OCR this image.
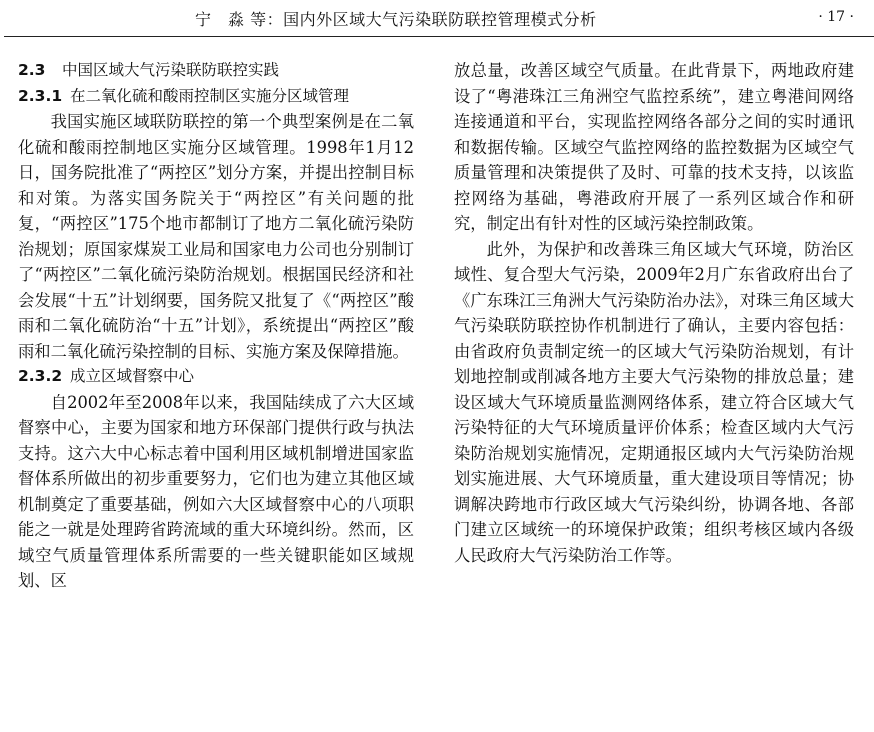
宁　淼 等：国内外区域大气污染联防联控管理模式分析	· 17 ·
2.3 中国区域大气污染联防联控实践
2.3.1 在二氧化硫和酸雨控制区实施分区域管理

我国实施区域联防联控的第一个典型案例是在二氧化硫和酸雨控制地区实施分区域管理。1998年1月12日，国务院批准了“两控区”划分方案，并提出控制目标和对策。为落实国务院关于“两控区”有关问题的批复，“两控区”175个地市都制订了地方二氧化硫污染防治规划；原国家煤炭工业局和国家电力公司也分别制订了“两控区”二氧化硫污染防治规划。根据国民经济和社会发展“十五”计划纲要，国务院又批复了《“两控区”酸雨和二氧化硫防治“十五”计划》，系统提出“两控区”酸雨和二氧化硫污染控制的目标、实施方案及保障措施。

2.3.2 成立区域督察中心

自2002年至2008年以来，我国陆续成了六大区域督察中心，主要为国家和地方环保部门提供行政与执法支持。这六大中心标志着中国利用区域机制增进国家监督体系所做出的初步重要努力，它们也为建立其他区域机制奠定了重要基础，例如六大区域督察中心的八项职能之一就是处理跨省跨流域的重大环境纠纷。然而，区域空气质量管理体系所需要的一些关键职能如区域规划、区

放总量，改善区域空气质量。在此背景下，两地政府建设了“粤港珠江三角洲空气监控系统”，建立粤港间网络连接通道和平台，实现监控网络各部分之间的实时通讯和数据传输。区域空气监控网络的监控数据为区域空气质量管理和决策提供了及时、可靠的技术支持，以该监控网络为基础，粤港政府开展了一系列区域合作和研究，制定出有针对性的区域污染控制政策。

此外，为保护和改善珠三角区域大气环境，防治区域性、复合型大气污染，2009年2月广东省政府出台了《广东珠江三角洲大气污染防治办法》，对珠三角区域大气污染联防联控协作机制进行了确认，主要内容包括：由省政府负责制定统一的区域大气污染防治规划，有计划地控制或削减各地方主要大气污染物的排放总量；建设区域大气环境质量监测网络体系，建立符合区域大气污染特征的大气环境质量评价体系；检查区域内大气污染防治规划实施情况，定期通报区域内大气污染防治规划实施进展、大气环境质量，重大建设项目等情况；协调解决跨地市行政区域大气污染纠纷，协调各地、各部门建立区域统一的环境保护政策；组织考核区域内各级人民政府大气污染防治工作等。
